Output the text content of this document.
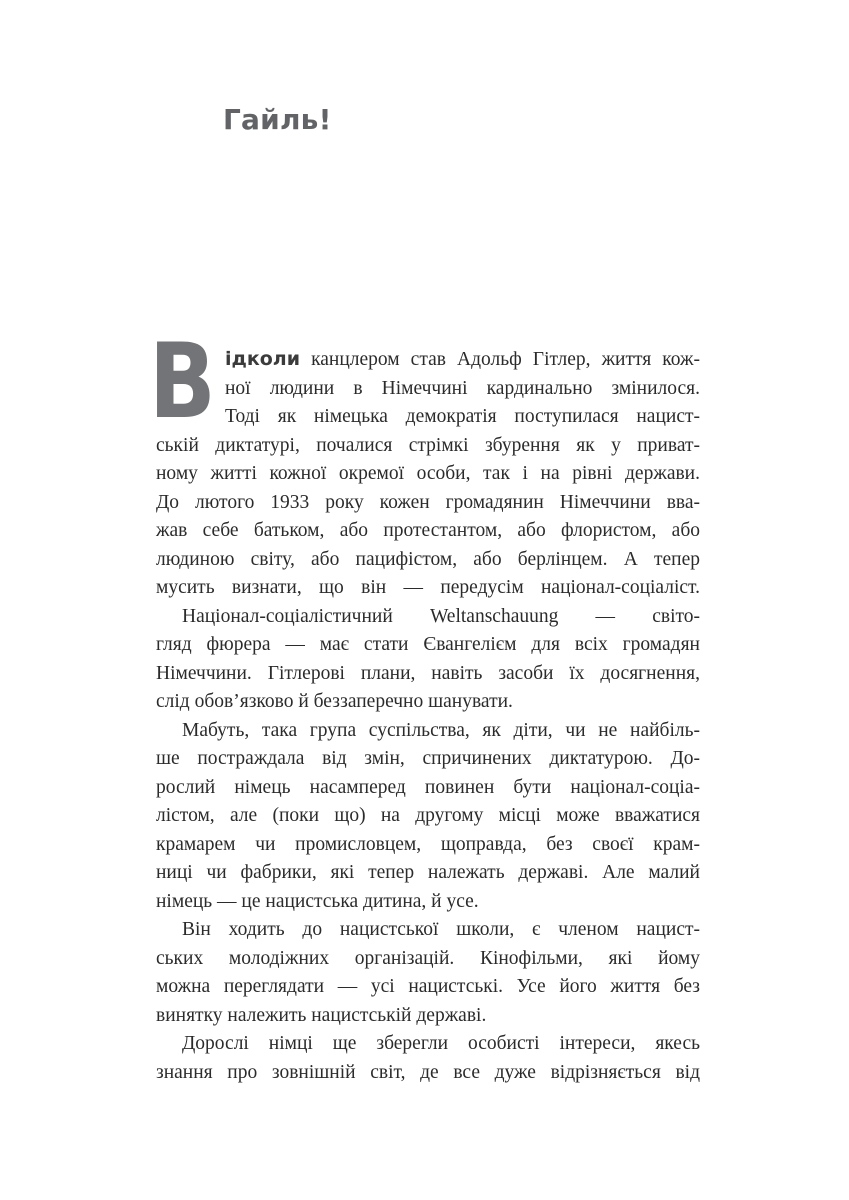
Гайль!
В ідколи канцлером став Адольф Гітлер, життя кож-
ної людини в Німеччині кардинально змінилося.
Тоді як німецька демократія поступилася нацист-
ській диктатурі, почалися стрімкі збурення як у приват-
ному житті кожної окремої особи, так і на рівні держави.
До лютого 1933 року кожен громадянин Німеччини вва-
жав себе батьком, або протестантом, або флористом, або
людиною світу, або пацифістом, або берлінцем. А тепер
мусить визнати, що він — передусім націонал-соціаліст.
Націонал-соціалістичний Weltanschauung — світо-
гляд фюрера — має стати Євангелієм для всіх громадян
Німеччини. Гітлерові плани, навіть засоби їх досягнення,
слід обов’язково й беззаперечно шанувати.
Мабуть, така група суспільства, як діти, чи не найбіль-
ше постраждала від змін, спричинених диктатурою. До-
рослий німець насамперед повинен бути націонал-соціа-
лістом, але (поки що) на другому місці може вважатися
крамарем чи промисловцем, щоправда, без своєї крам-
ниці чи фабрики, які тепер належать державі. Але малий
німець — це нацистська дитина, й усе.
Він ходить до нацистської школи, є членом нацист-
ських молодіжних організацій. Кінофільми, які йому
можна переглядати — усі нацистські. Усе його життя без
винятку належить нацистській державі.
Дорослі німці ще зберегли особисті інтереси, якесь
знання про зовнішній світ, де все дуже відрізняється від
